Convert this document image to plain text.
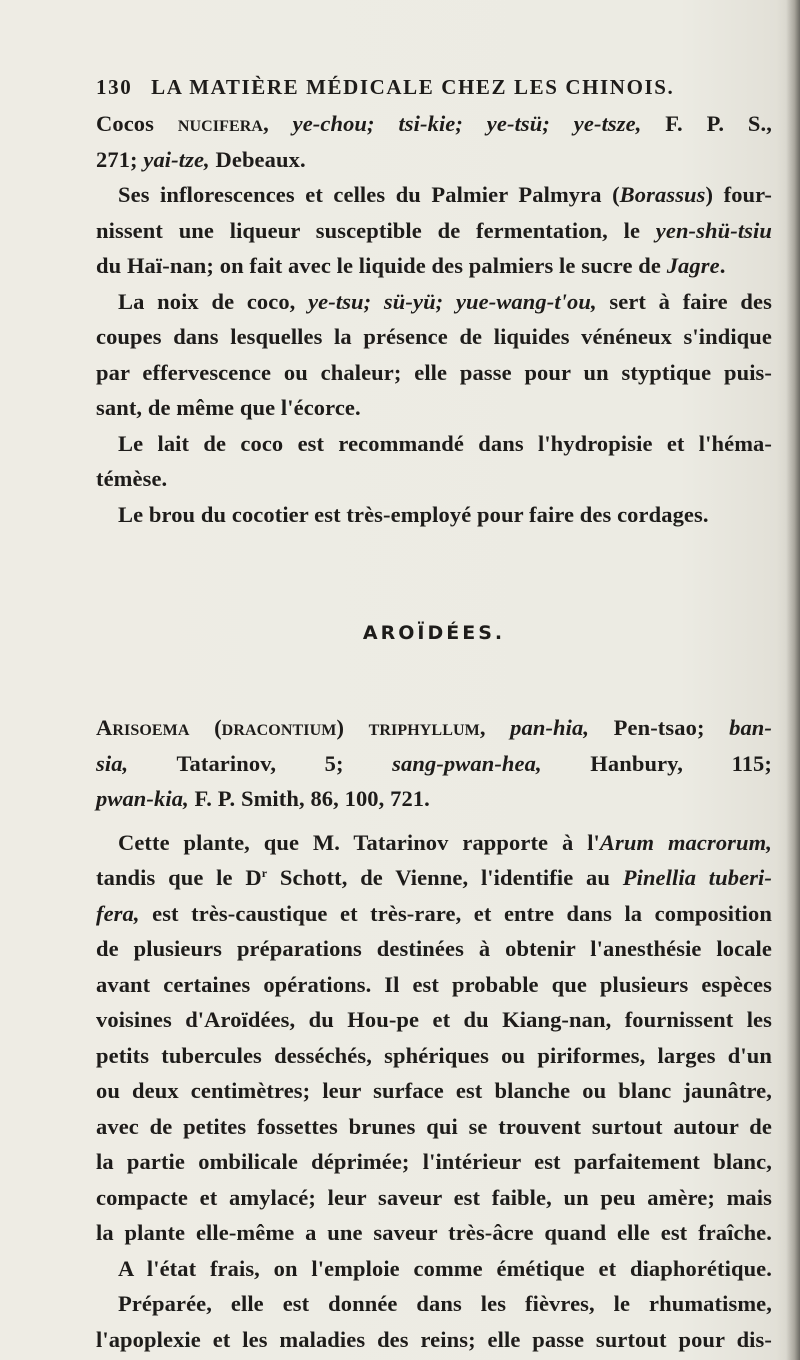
130 LA MATIÈRE MÉDICALE CHEZ LES CHINOIS.
Cocos nucifera, ye-chou; tsi-kie; ye-tsü; ye-tsze, F. P. S.,
271; yai-tze, Debeaux.
Ses inflorescences et celles du Palmier Palmyra (Borassus) four-
nissent une liqueur susceptible de fermentation, le yen-shü-tsiu
du Haï-nan; on fait avec le liquide des palmiers le sucre de Jagre.
La noix de coco, ye-tsu; sü-yü; yue-wang-t'ou, sert à faire des
coupes dans lesquelles la présence de liquides vénéneux s'indique
par effervescence ou chaleur; elle passe pour un styptique puis-
sant, de même que l'écorce.
Le lait de coco est recommandé dans l'hydropisie et l'héma-
témèse.
Le brou du cocotier est très-employé pour faire des cordages.
AROÏDÉES.
Arisoema (dracontium) triphyllum, pan-hia, Pen-tsao; ban-
sia, Tatarinov, 5; sang-pwan-hea, Hanbury, 115;
pwan-kia, F. P. Smith, 86, 100, 721.
Cette plante, que M. Tatarinov rapporte à l'Arum macrorum,
tandis que le $D^r$ Schott, de Vienne, l'identifie au Pinellia tuberi-
fera, est très-caustique et très-rare, et entre dans la composition
de plusieurs préparations destinées à obtenir l'anesthésie locale
avant certaines opérations. Il est probable que plusieurs espèces
voisines d'Aroïdées, du Hou-pe et du Kiang-nan, fournissent les
petits tubercules desséchés, sphériques ou piriformes, larges d'un
ou deux centimètres; leur surface est blanche ou blanc jaunâtre,
avec de petites fossettes brunes qui se trouvent surtout autour de
la partie ombilicale déprimée; l'intérieur est parfaitement blanc,
compacte et amylacé; leur saveur est faible, un peu amère; mais
la plante elle-même a une saveur très-âcre quand elle est fraîche.
A l'état frais, on l'emploie comme émétique et diaphorétique.
Préparée, elle est donnée dans les fièvres, le rhumatisme,
l'apoplexie et les maladies des reins; elle passe surtout pour dis-
